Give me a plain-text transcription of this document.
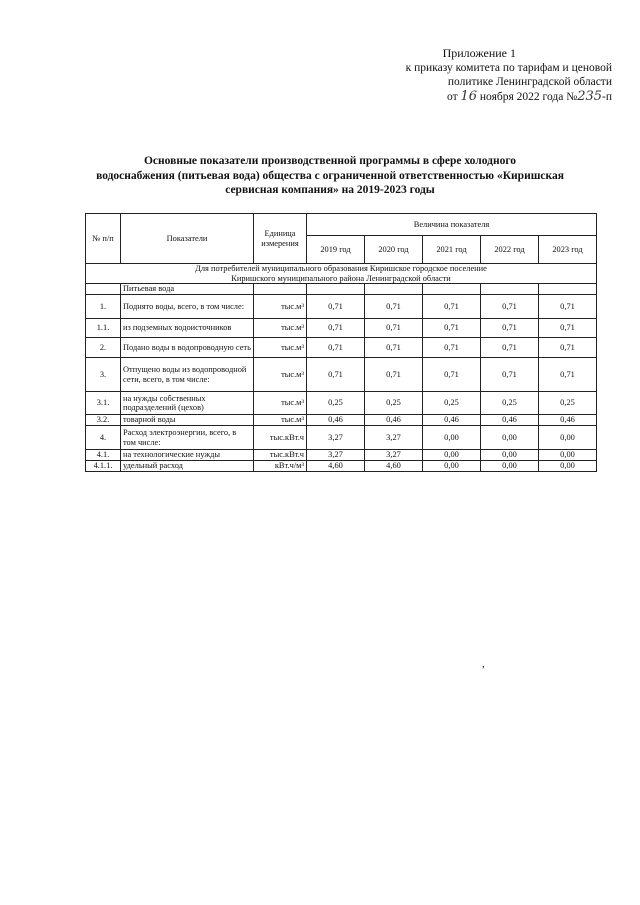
Приложение 1
к приказу комитета по тарифам и ценовой
политике Ленинградской области
от 16 ноября 2022 года №235-п
Основные показатели производственной программы в сфере холодного
водоснабжения (питьевая вода) общества с ограниченной ответственностью «Киришская
сервисная компания» на 2019-2023 годы
№ п/п	Показатели	Единица измерения	Величина показателя				
			2019 год	2020 год	2021 год	2022 год	2023 год

Для потребителей муниципального образования Киришское городское поселение
Киришского муниципального района Ленинградской области							

	Питьевая вода						
1.	Поднято воды, всего, в том числе:	тыс.м³	0,71	0,71	0,71	0,71	0,71
1.1.	из подземных водоисточников	тыс.м³	0,71	0,71	0,71	0,71	0,71
2.	Подано воды в водопроводную сеть	тыс.м³	0,71	0,71	0,71	0,71	0,71
3.	Отпущено воды из водопроводной сети, всего, в том числе:	тыс.м³	0,71	0,71	0,71	0,71	0,71
3.1.	на нужды собственных подразделений (цехов)	тыс.м³	0,25	0,25	0,25	0,25	0,25
3.2.	товарной воды	тыс.м³	0,46	0,46	0,46	0,46	0,46
4.	Расход электроэнергии, всего, в том числе:	тыс.кВт.ч	3,27	3,27	0,00	0,00	0,00
4.1.	на технологические нужды	тыс.кВт.ч	3,27	3,27	0,00	0,00	0,00
4.1.1.	удельный расход	кВт.ч/м³	4,60	4,60	0,00	0,00	0,00
,
